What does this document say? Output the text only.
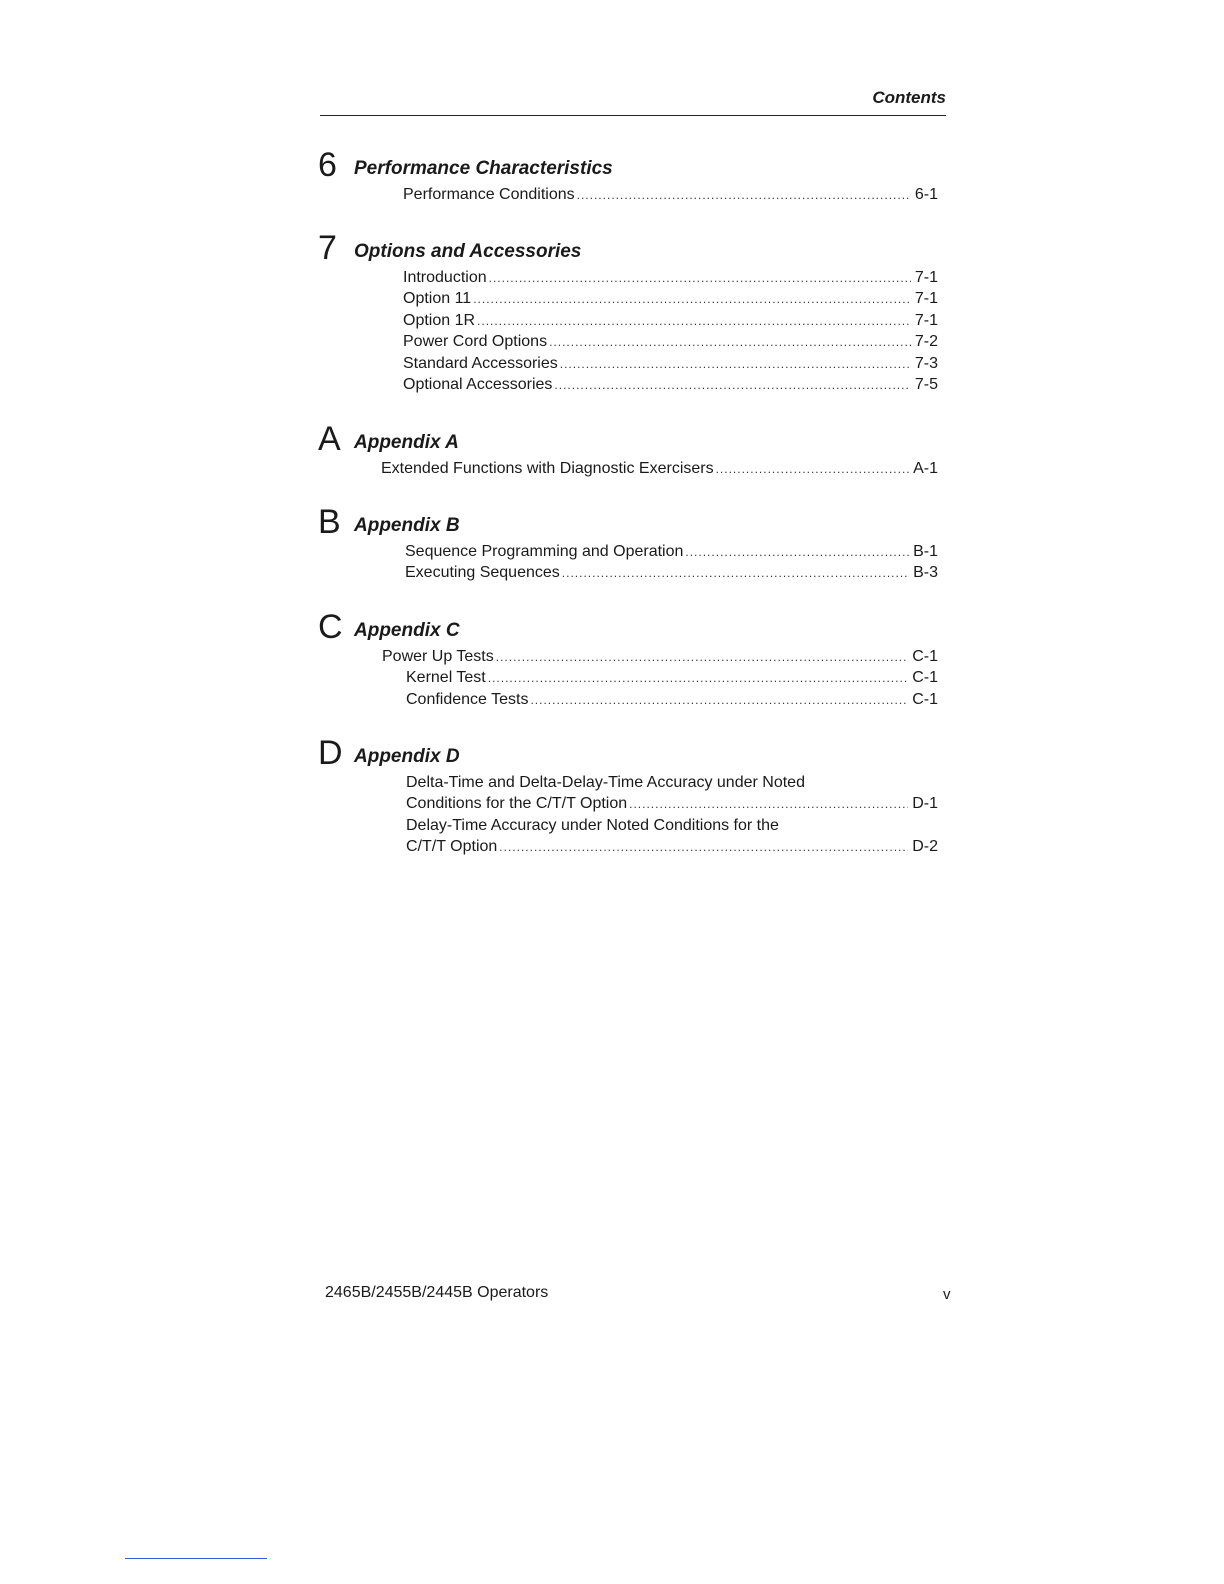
Contents
6 Performance Characteristics
Performance Conditions .....	6-1
7 Options and Accessories
Introduction .....	7-1
Option 11 .....	7-1
Option 1R .....	7-1
Power Cord Options .....	7-2
Standard Accessories .....	7-3
Optional Accessories .....	7-5
A Appendix A
Extended Functions with Diagnostic Exercisers .....	A-1
B Appendix B
Sequence Programming and Operation .....	B-1
Executing Sequences .....	B-3
C Appendix C
Power Up Tests .....	C-1
Kernel Test .....	C-1
Confidence Tests .....	C-1
D Appendix D
Delta-Time and Delta-Delay-Time Accuracy under Noted
Conditions for the C/T/T Option .....	D-1
Delay-Time Accuracy under Noted Conditions for the
C/T/T Option .....	D-2
2465B/2455B/2445B Operators	v
